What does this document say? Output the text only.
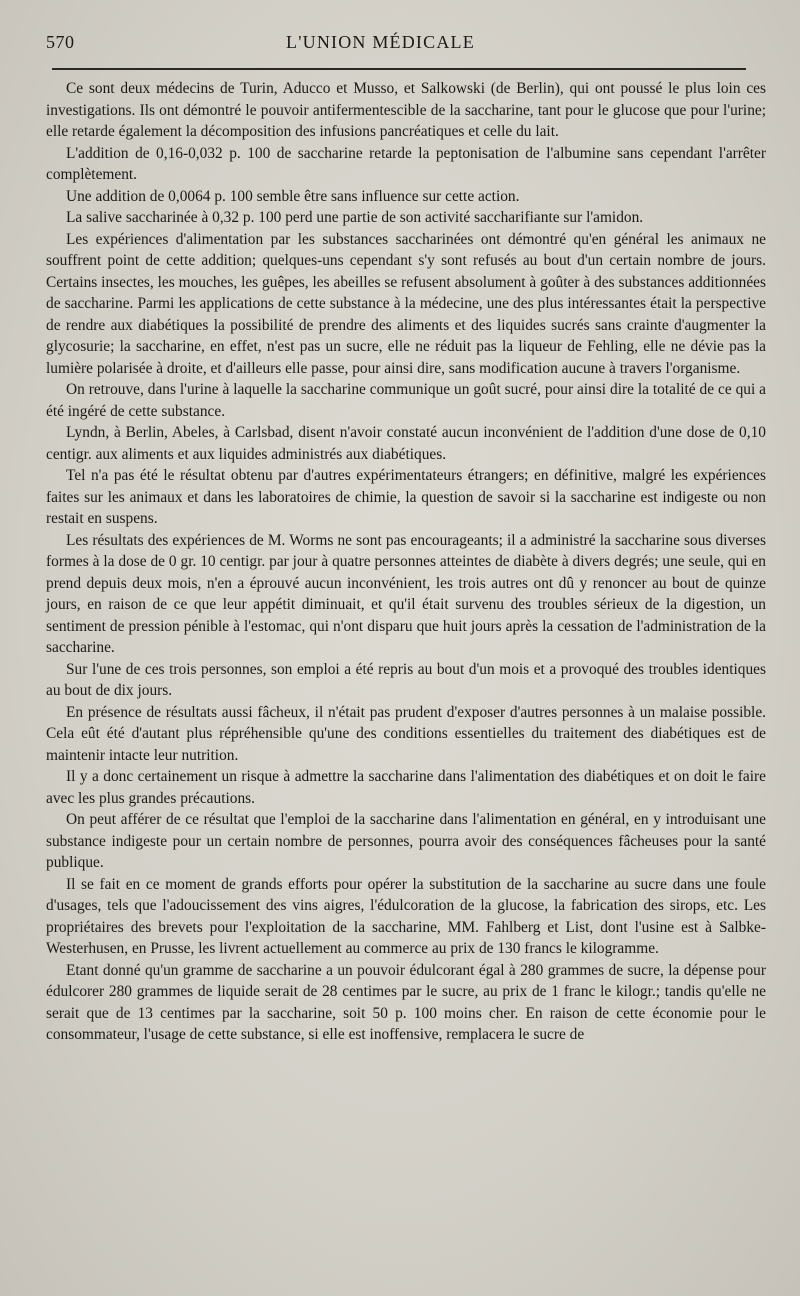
570	L'UNION MÉDICALE

Ce sont deux médecins de Turin, Aducco et Musso, et Salkowski (de Berlin), qui ont poussé le plus loin ces investigations. Ils ont démontré le pouvoir antifermentescible de la saccharine, tant pour le glucose que pour l'urine; elle retarde également la décomposition des infusions pancréatiques et celle du lait.

L'addition de 0,16-0,032 p. 100 de saccharine retarde la peptonisation de l'albumine sans cependant l'arrêter complètement.

Une addition de 0,0064 p. 100 semble être sans influence sur cette action.

La salive saccharinée à 0,32 p. 100 perd une partie de son activité saccharifiante sur l'amidon.

Les expériences d'alimentation par les substances saccharinées ont démontré qu'en général les animaux ne souffrent point de cette addition; quelques-uns cependant s'y sont refusés au bout d'un certain nombre de jours. Certains insectes, les mouches, les guêpes, les abeilles se refusent absolument à goûter à des substances additionnées de saccharine. Parmi les applications de cette substance à la médecine, une des plus intéressantes était la perspective de rendre aux diabétiques la possibilité de prendre des aliments et des liquides sucrés sans crainte d'augmenter la glycosurie; la saccharine, en effet, n'est pas un sucre, elle ne réduit pas la liqueur de Fehling, elle ne dévie pas la lumière polarisée à droite, et d'ailleurs elle passe, pour ainsi dire, sans modification aucune à travers l'organisme.

On retrouve, dans l'urine à laquelle la saccharine communique un goût sucré, pour ainsi dire la totalité de ce qui a été ingéré de cette substance.

Lyndn, à Berlin, Abeles, à Carlsbad, disent n'avoir constaté aucun inconvénient de l'addition d'une dose de 0,10 centigr. aux aliments et aux liquides administrés aux diabétiques.

Tel n'a pas été le résultat obtenu par d'autres expérimentateurs étrangers; en définitive, malgré les expériences faites sur les animaux et dans les laboratoires de chimie, la question de savoir si la saccharine est indigeste ou non restait en suspens.

Les résultats des expériences de M. Worms ne sont pas encourageants; il a administré la saccharine sous diverses formes à la dose de 0 gr. 10 centigr. par jour à quatre personnes atteintes de diabète à divers degrés; une seule, qui en prend depuis deux mois, n'en a éprouvé aucun inconvénient, les trois autres ont dû y renoncer au bout de quinze jours, en raison de ce que leur appétit diminuait, et qu'il était survenu des troubles sérieux de la digestion, un sentiment de pression pénible à l'estomac, qui n'ont disparu que huit jours après la cessation de l'administration de la saccharine.

Sur l'une de ces trois personnes, son emploi a été repris au bout d'un mois et a provoqué des troubles identiques au bout de dix jours.

En présence de résultats aussi fâcheux, il n'était pas prudent d'exposer d'autres personnes à un malaise possible. Cela eût été d'autant plus répréhensible qu'une des conditions essentielles du traitement des diabétiques est de maintenir intacte leur nutrition.

Il y a donc certainement un risque à admettre la saccharine dans l'alimentation des diabétiques et on doit le faire avec les plus grandes précautions.

On peut afférer de ce résultat que l'emploi de la saccharine dans l'alimentation en général, en y introduisant une substance indigeste pour un certain nombre de personnes, pourra avoir des conséquences fâcheuses pour la santé publique.

Il se fait en ce moment de grands efforts pour opérer la substitution de la saccharine au sucre dans une foule d'usages, tels que l'adoucissement des vins aigres, l'édulcoration de la glucose, la fabrication des sirops, etc. Les propriétaires des brevets pour l'exploitation de la saccharine, MM. Fahlberg et List, dont l'usine est à Salbke-Westerhusen, en Prusse, les livrent actuellement au commerce au prix de 130 francs le kilogramme.

Etant donné qu'un gramme de saccharine a un pouvoir édulcorant égal à 280 grammes de sucre, la dépense pour édulcorer 280 grammes de liquide serait de 28 centimes par le sucre, au prix de 1 franc le kilogr.; tandis qu'elle ne serait que de 13 centimes par la saccharine, soit 50 p. 100 moins cher. En raison de cette économie pour le consommateur, l'usage de cette substance, si elle est inoffensive, remplacera le sucre de
